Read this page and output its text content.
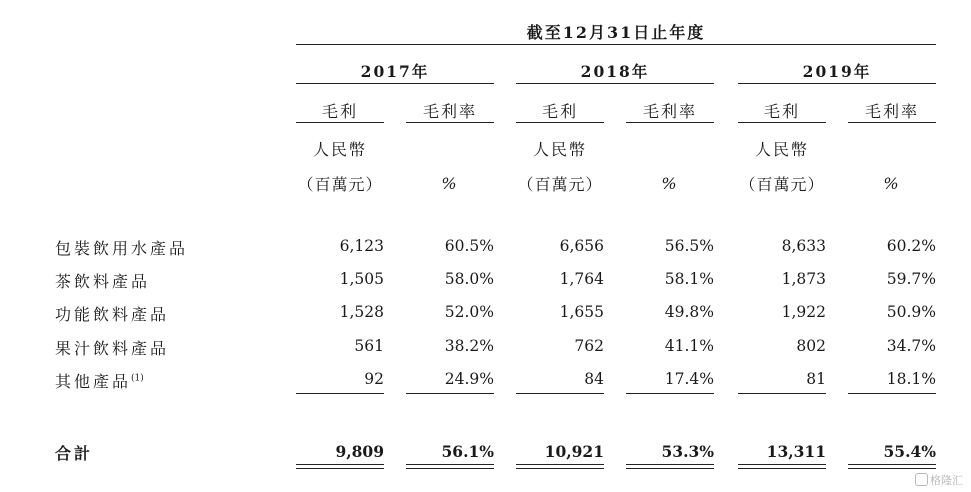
截至12月31日止年度
2017年	2018年	2019年
毛利	毛利率	毛利	毛利率	毛利	毛利率
人民幣	人民幣	人民幣
（百萬元）	（百萬元）	（百萬元）
%	%	%
包裝飲用水產品	6,123	60.5%	6,656	56.5%	8,633	60.2%
茶飲料產品	1,505	58.0%	1,764	58.1%	1,873	59.7%
功能飲料產品	1,528	52.0%	1,655	49.8%	1,922	50.9%
果汁飲料產品	561	38.2%	762	41.1%	802	34.7%
其他產品$^{(1)}$	92	24.9%	84	17.4%	81	18.1%
合計	9,809	56.1%	10,921	53.3%	13,311	55.4%
格隆汇
